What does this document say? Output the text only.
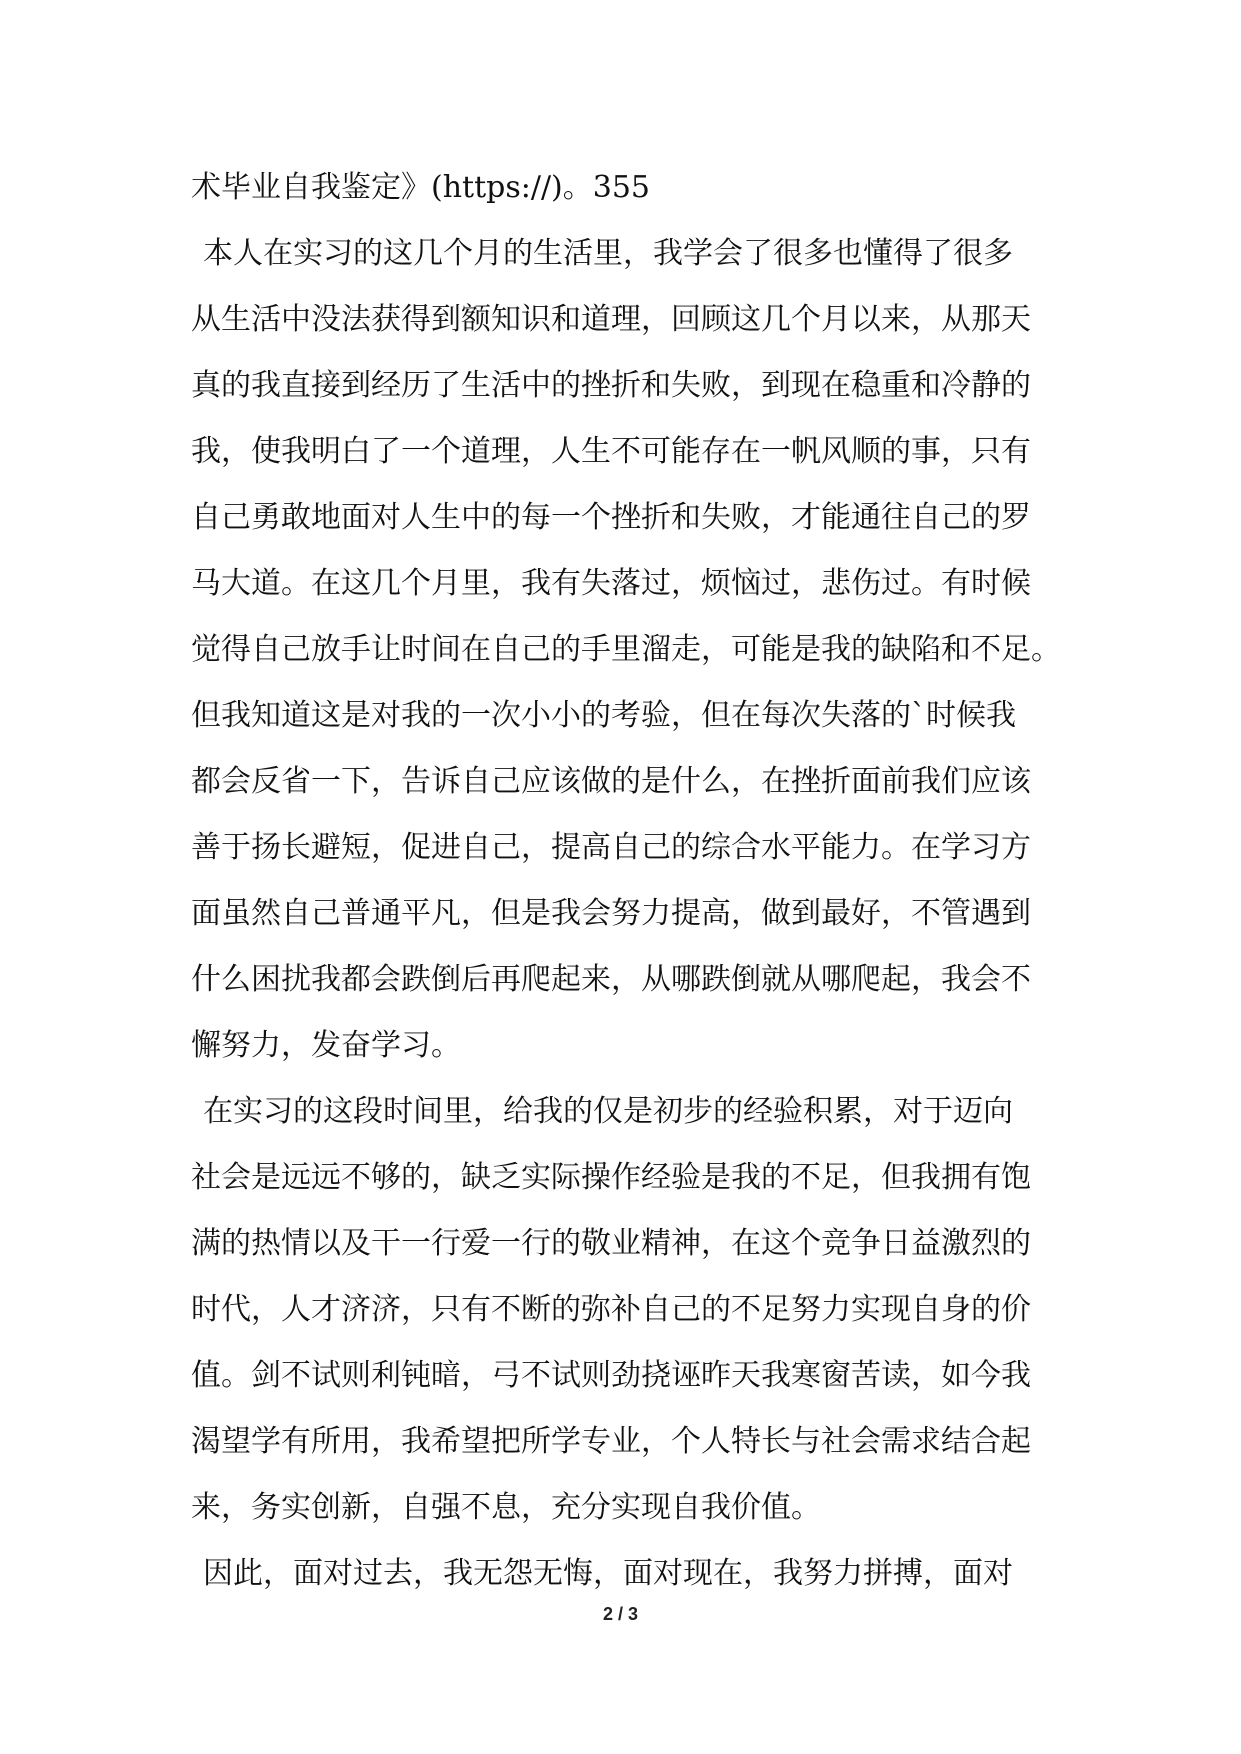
术毕业自我鉴定》(https://)。355
本人在实习的这几个月的生活里，我学会了很多也懂得了很多
从生活中没法获得到额知识和道理，回顾这几个月以来，从那天
真的我直接到经历了生活中的挫折和失败，到现在稳重和冷静的
我，使我明白了一个道理，人生不可能存在一帆风顺的事，只有
自己勇敢地面对人生中的每一个挫折和失败，才能通往自己的罗
马大道。在这几个月里，我有失落过，烦恼过，悲伤过。有时候
觉得自己放手让时间在自己的手里溜走，可能是我的缺陷和不足。
但我知道这是对我的一次小小的考验，但在每次失落的`时候我
都会反省一下，告诉自己应该做的是什么，在挫折面前我们应该
善于扬长避短，促进自己，提高自己的综合水平能力。在学习方
面虽然自己普通平凡，但是我会努力提高，做到最好，不管遇到
什么困扰我都会跌倒后再爬起来，从哪跌倒就从哪爬起，我会不
懈努力，发奋学习。
在实习的这段时间里，给我的仅是初步的经验积累，对于迈向
社会是远远不够的，缺乏实际操作经验是我的不足，但我拥有饱
满的热情以及干一行爱一行的敬业精神，在这个竞争日益激烈的
时代，人才济济，只有不断的弥补自己的不足努力实现自身的价
值。剑不试则利钝暗，弓不试则劲挠诬昨天我寒窗苦读，如今我
渴望学有所用，我希望把所学专业，个人特长与社会需求结合起
来，务实创新，自强不息，充分实现自我价值。
因此，面对过去，我无怨无悔，面对现在，我努力拼搏，面对
2 / 3
